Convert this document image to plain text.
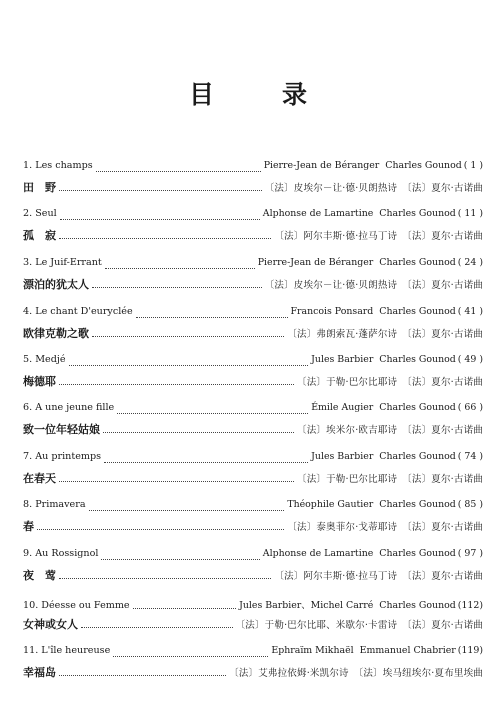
目	录
1. Les champs	Pierre-Jean de Béranger Charles Gounod ( 1 )
田　野	〔法〕皮埃尔－让·德·贝朗热诗　〔法〕夏尔·古诺曲
2. Seul	Alphonse de Lamartine Charles Gounod ( 11 )
孤　寂	〔法〕阿尔丰斯·德·拉马丁诗　〔法〕夏尔·古诺曲
3. Le Juif-Errant	Pierre-Jean de Béranger Charles Gounod ( 24 )
漂泊的犹太人	〔法〕皮埃尔－让·德·贝朗热诗　〔法〕夏尔·古诺曲
4. Le chant D'euryclée	Francois Ponsard Charles Gounod ( 41 )
欧律克勒之歌	〔法〕弗朗索瓦·蓬萨尔诗　〔法〕夏尔·古诺曲
5. Medjé	Jules Barbier Charles Gounod ( 49 )
梅德耶	〔法〕于勒·巴尔比耶诗　〔法〕夏尔·古诺曲
6. A une jeune fille	Émile Augier Charles Gounod ( 66 )
致一位年轻姑娘	〔法〕埃米尔·欧吉耶诗　〔法〕夏尔·古诺曲
7. Au printemps	Jules Barbier Charles Gounod ( 74 )
在春天	〔法〕于勒·巴尔比耶诗　〔法〕夏尔·古诺曲
8. Primavera	Théophile Gautier Charles Gounod ( 85 )
春	〔法〕泰奥菲尔·戈蒂耶诗　〔法〕夏尔·古诺曲
9. Au Rossignol	Alphonse de Lamartine Charles Gounod ( 97 )
夜　莺	〔法〕阿尔丰斯·德·拉马丁诗　〔法〕夏尔·古诺曲
10. Déesse ou Femme	Jules Barbier、Michel Carré Charles Gounod (112)
女神或女人	〔法〕于勒·巴尔比耶、米歇尔·卡雷诗　〔法〕夏尔·古诺曲
11. L'île heureuse	Ephraïm Mikhaël Emmanuel Chabrier (119)
幸福岛	〔法〕艾弗拉依姆·米凯尔诗　〔法〕埃马纽埃尔·夏布里埃曲
